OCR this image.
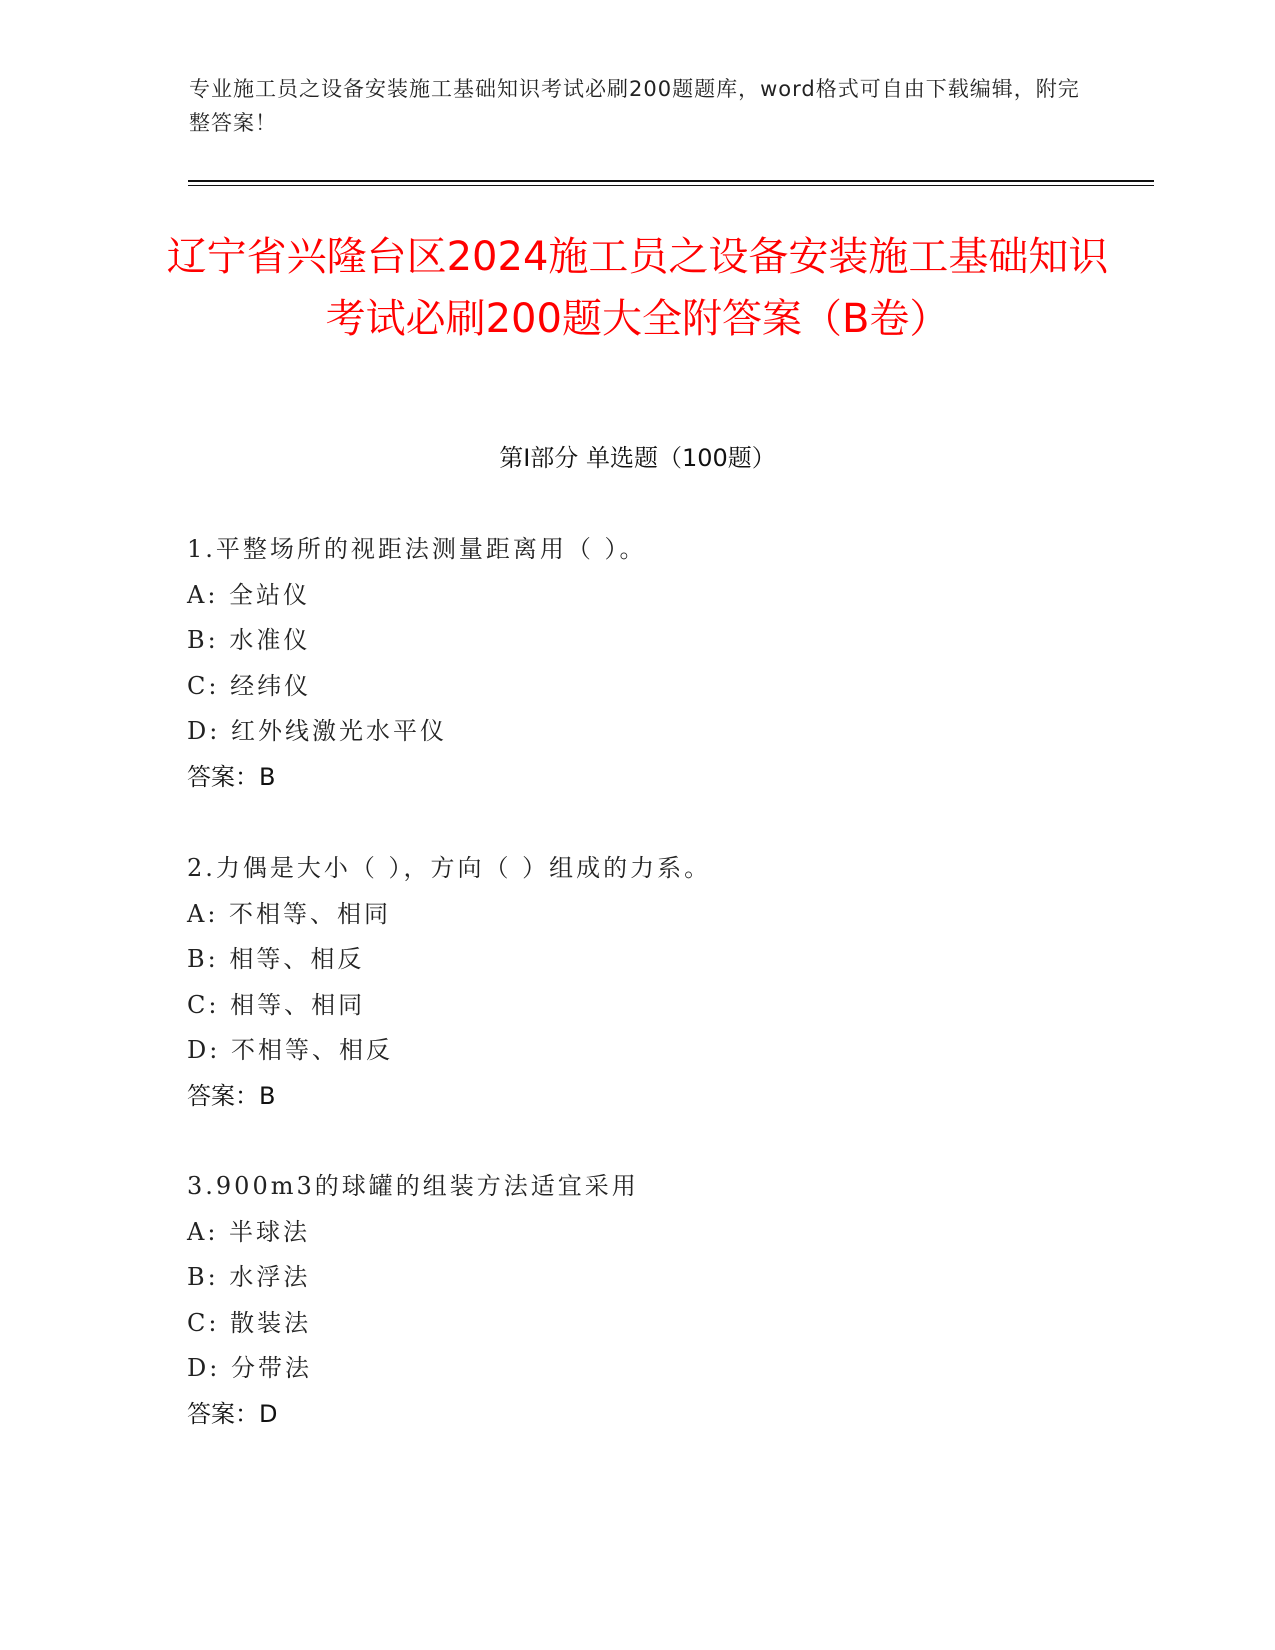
专业施工员之设备安装施工基础知识考试必刷200题题库，word格式可自由下载编辑，附完整答案！
辽宁省兴隆台区2024施工员之设备安装施工基础知识考试必刷200题大全附答案（B卷）
第I部分 单选题（100题）
1.平整场所的视距法测量距离用（ ）。
A: 全站仪
B: 水准仪
C: 经纬仪
D: 红外线激光水平仪
答案：B
2.力偶是大小（ ），方向（ ）组成的力系。
A: 不相等、相同
B: 相等、相反
C: 相等、相同
D: 不相等、相反
答案：B
3.900m3的球罐的组装方法适宜采用
A: 半球法
B: 水浮法
C: 散装法
D: 分带法
答案：D
